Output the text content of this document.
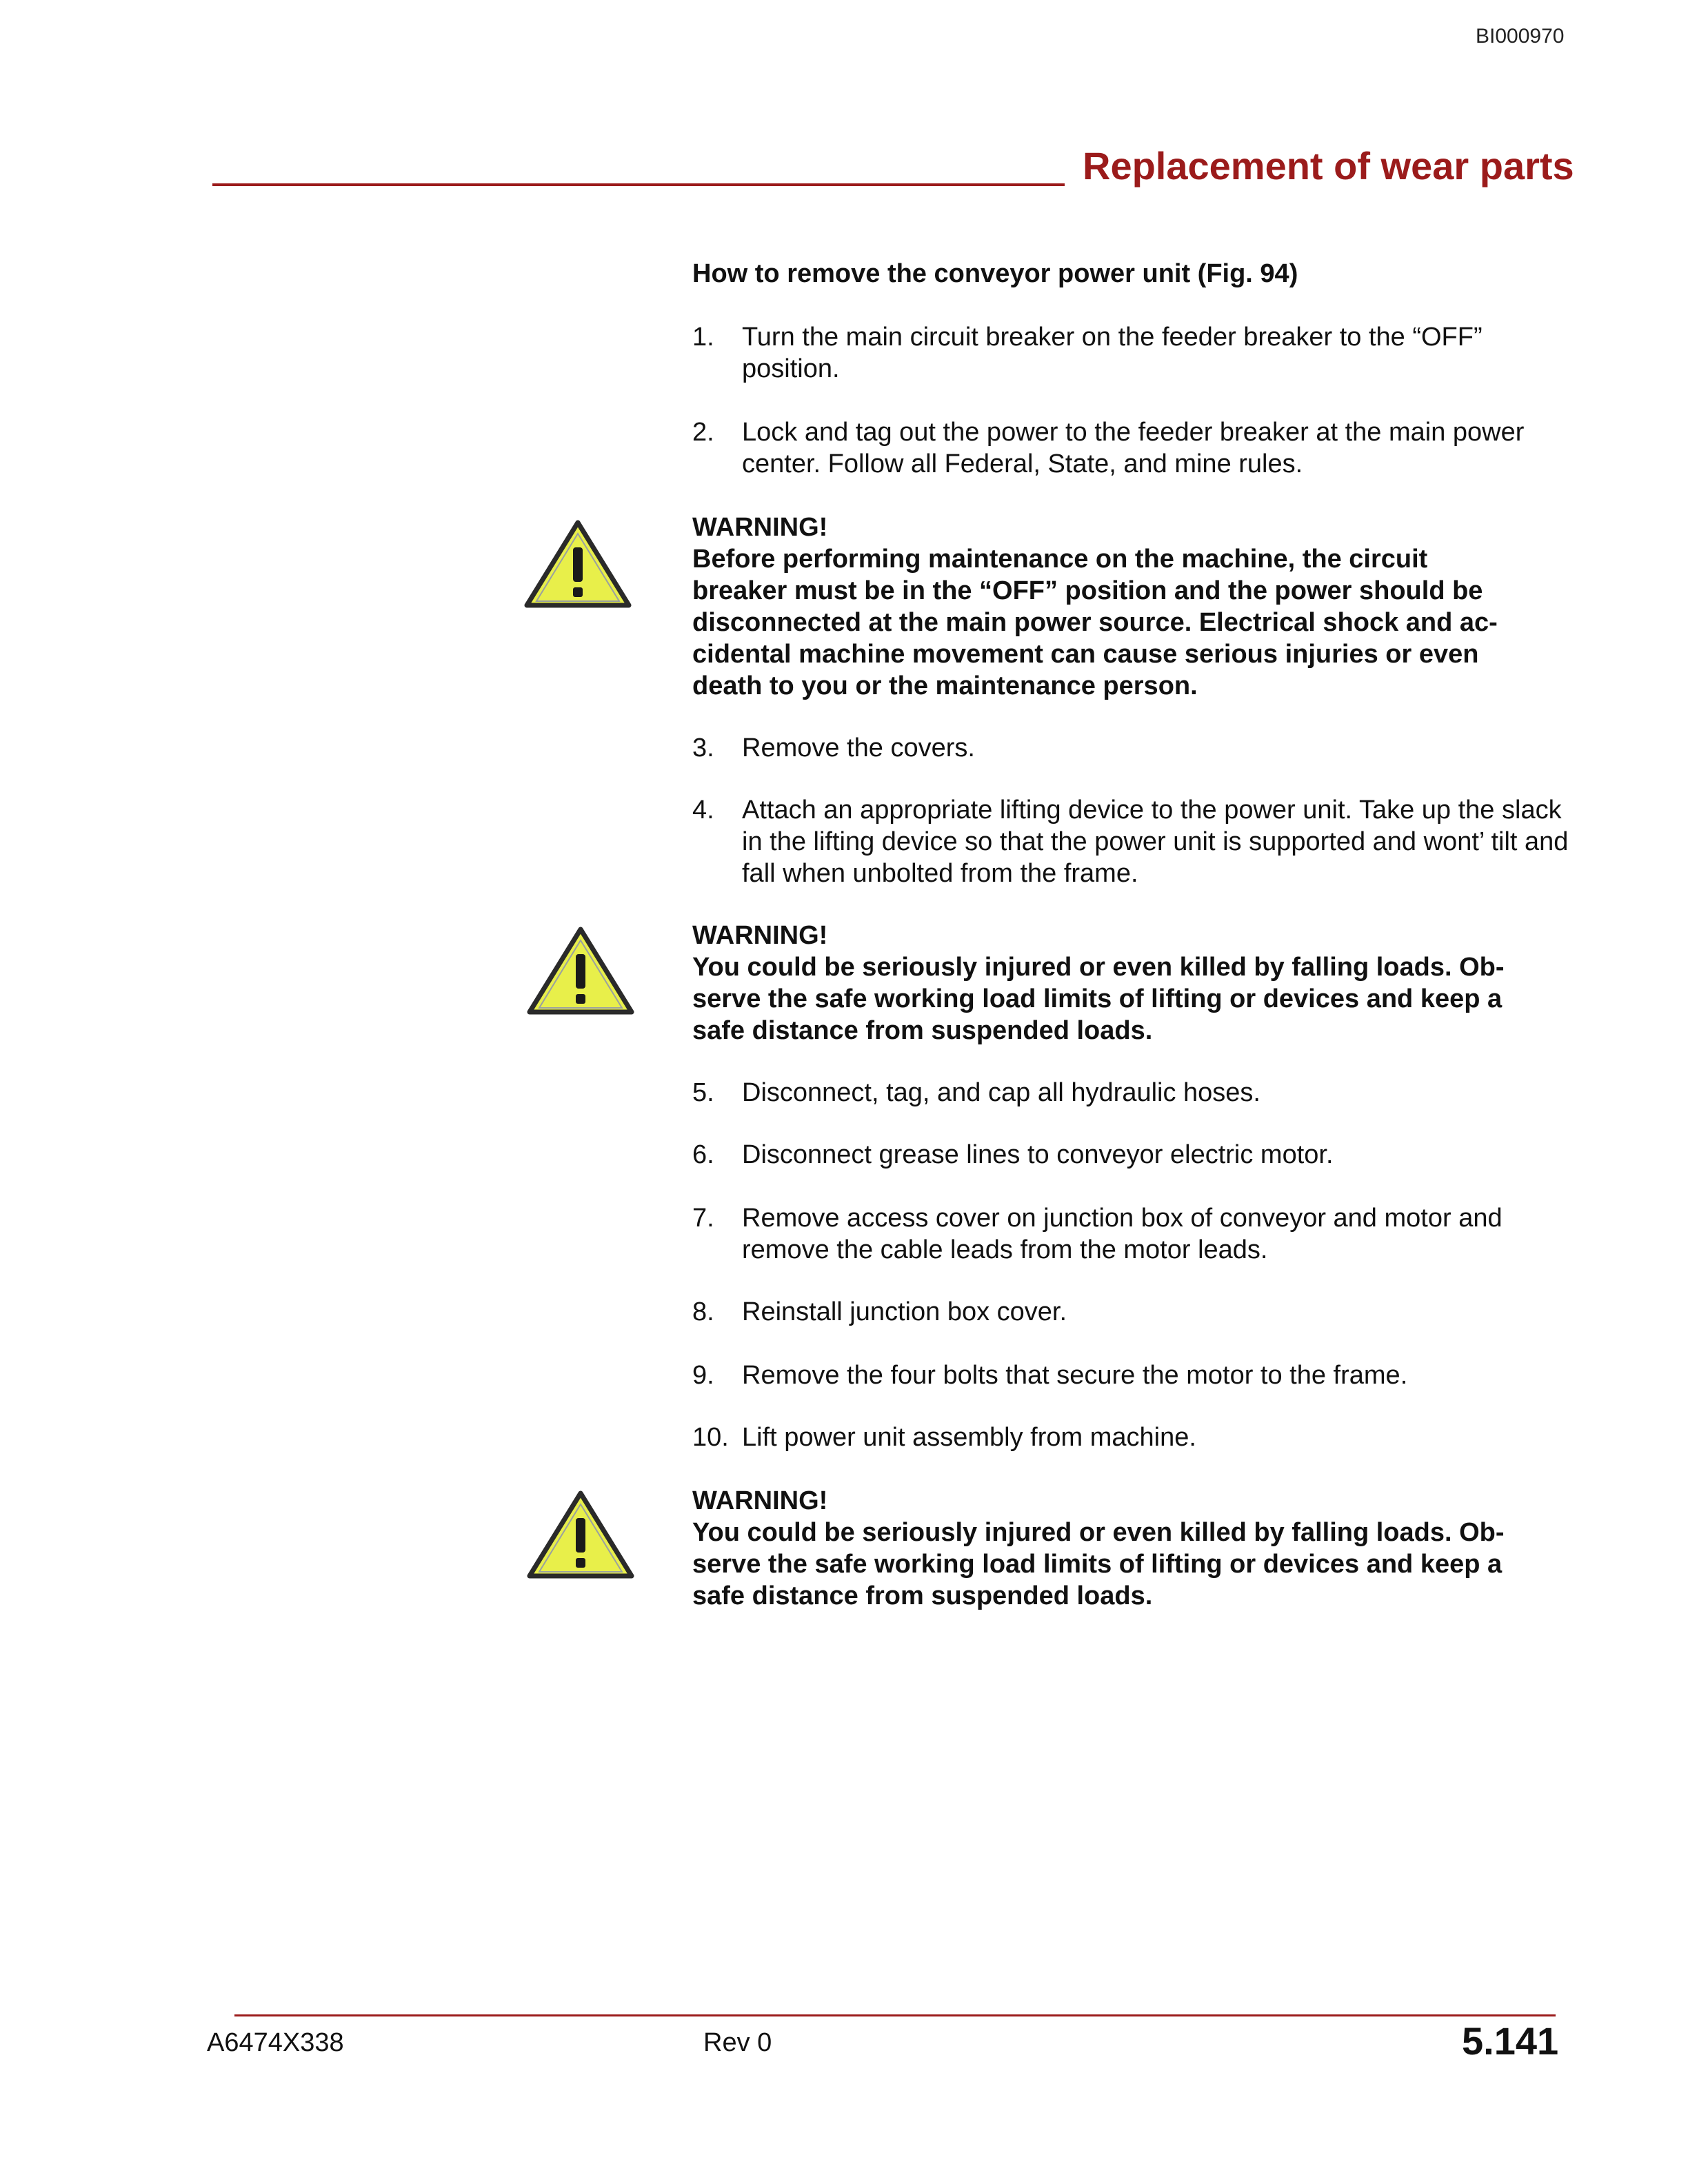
BI000970
Replacement of wear parts
How to remove the conveyor power unit (Fig. 94)
1. Turn the main circuit breaker on the feeder breaker to the “OFF” position.
2. Lock and tag out the power to the feeder breaker at the main power center. Follow all Federal, State, and mine rules.
WARNING!
Before performing maintenance on the machine, the circuit
breaker must be in the “OFF” position and the power should be
disconnected at the main power source. Electrical shock and ac-
cidental machine movement can cause serious injuries or even
death to you or the maintenance person.
3. Remove the covers.
4. Attach an appropriate lifting device to the power unit. Take up the slack in the lifting device so that the power unit is supported and wont’ tilt and fall when unbolted from the frame.
WARNING!
You could be seriously injured or even killed by falling loads. Ob-
serve the safe working load limits of lifting or devices and keep a
safe distance from suspended loads.
5. Disconnect, tag, and cap all hydraulic hoses.
6. Disconnect grease lines to conveyor electric motor.
7. Remove access cover on junction box of conveyor and motor and remove the cable leads from the motor leads.
8. Reinstall junction box cover.
9. Remove the four bolts that secure the motor to the frame.
10. Lift power unit assembly from machine.
WARNING!
You could be seriously injured or even killed by falling loads. Ob-
serve the safe working load limits of lifting or devices and keep a
safe distance from suspended loads.
A6474X338	Rev 0	5.141
